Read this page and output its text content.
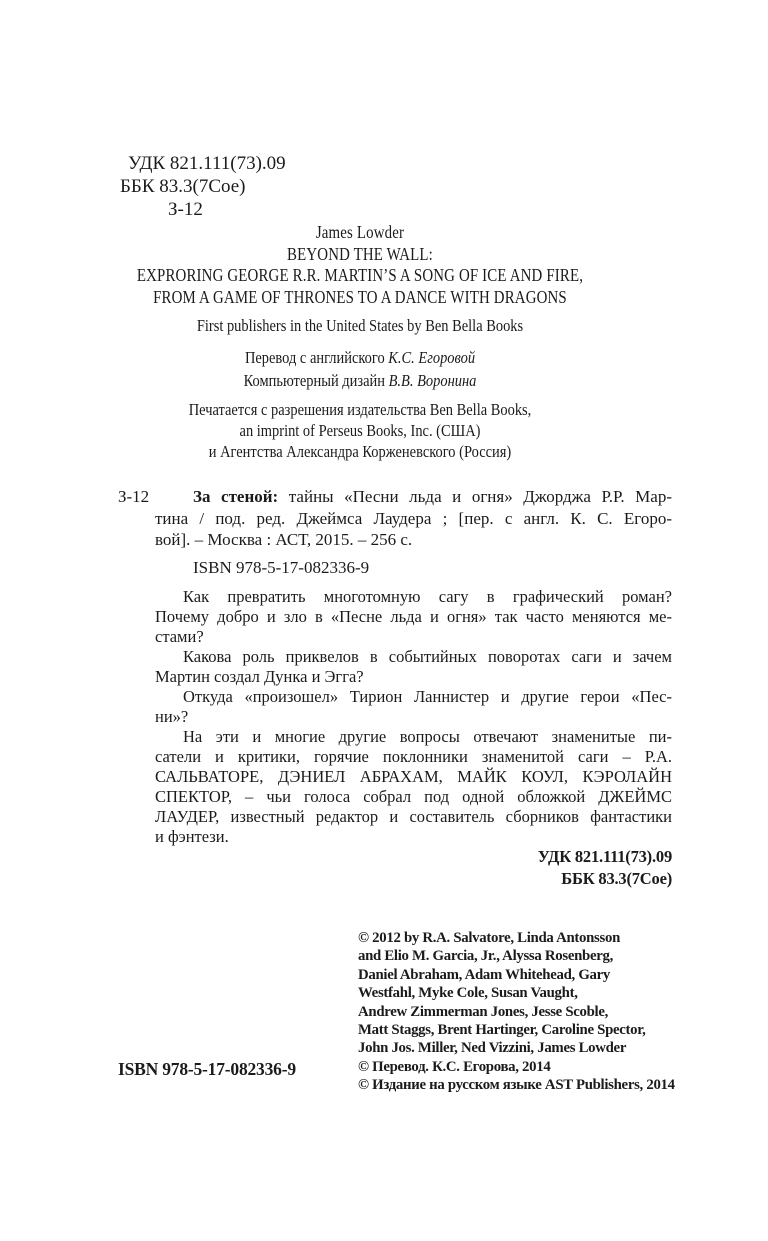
УДК 821.111(73).09
ББК 83.3(7Сое)
З-12
James Lowder
BEYOND THE WALL:
EXPRORING GEORGE R.R. MARTIN’S A SONG OF ICE AND FIRE,
FROM A GAME OF THRONES TO A DANCE WITH DRAGONS
First publishers in the United States by Ben Bella Books
Перевод с английского К.С. Егоровой
Компьютерный дизайн В.В. Воронина
Печатается с разрешения издательства Ben Bella Books,
an imprint of Perseus Books, Inc. (США)
и Агентства Александра Корженевского (Россия)
З-12	За стеной: тайны «Песни льда и огня» Джорджа Р.Р. Мар-
тина / под. ред. Джеймса Лаудера ; [пер. с англ. К. С. Егоро-
вой]. – Москва : АСТ, 2015. – 256 с.
ISBN 978-5-17-082336-9
Как превратить многотомную сагу в графический роман?
Почему добро и зло в «Песне льда и огня» так часто меняются ме-
стами?
Какова роль приквелов в событийных поворотах саги и зачем
Мартин создал Дунка и Эгга?
Откуда «произошел» Тирион Ланнистер и другие герои «Пес-
ни»?
На эти и многие другие вопросы отвечают знаменитые пи-
сатели и критики, горячие поклонники знаменитой саги – Р.А.
САЛЬВАТОРЕ, ДЭНИЕЛ АБРАХАМ, МАЙК КОУЛ, КЭРОЛАЙН
СПЕКТОР, – чьи голоса собрал под одной обложкой ДЖЕЙМС
ЛАУДЕР, известный редактор и составитель сборников фантастики
и фэнтези.
УДК 821.111(73).09
ББК 83.3(7Сое)
© 2012 by R.A. Salvatore, Linda Antonsson
and Elio M. Garcia, Jr., Alyssa Rosenberg,
Daniel Abraham, Adam Whitehead, Gary
Westfahl, Myke Cole, Susan Vaught,
Andrew Zimmerman Jones, Jesse Scoble,
Matt Staggs, Brent Hartinger, Caroline Spector,
John Jos. Miller, Ned Vizzini, James Lowder
© Перевод. К.С. Егорова, 2014
© Издание на русском языке AST Publishers, 2014
ISBN 978-5-17-082336-9
